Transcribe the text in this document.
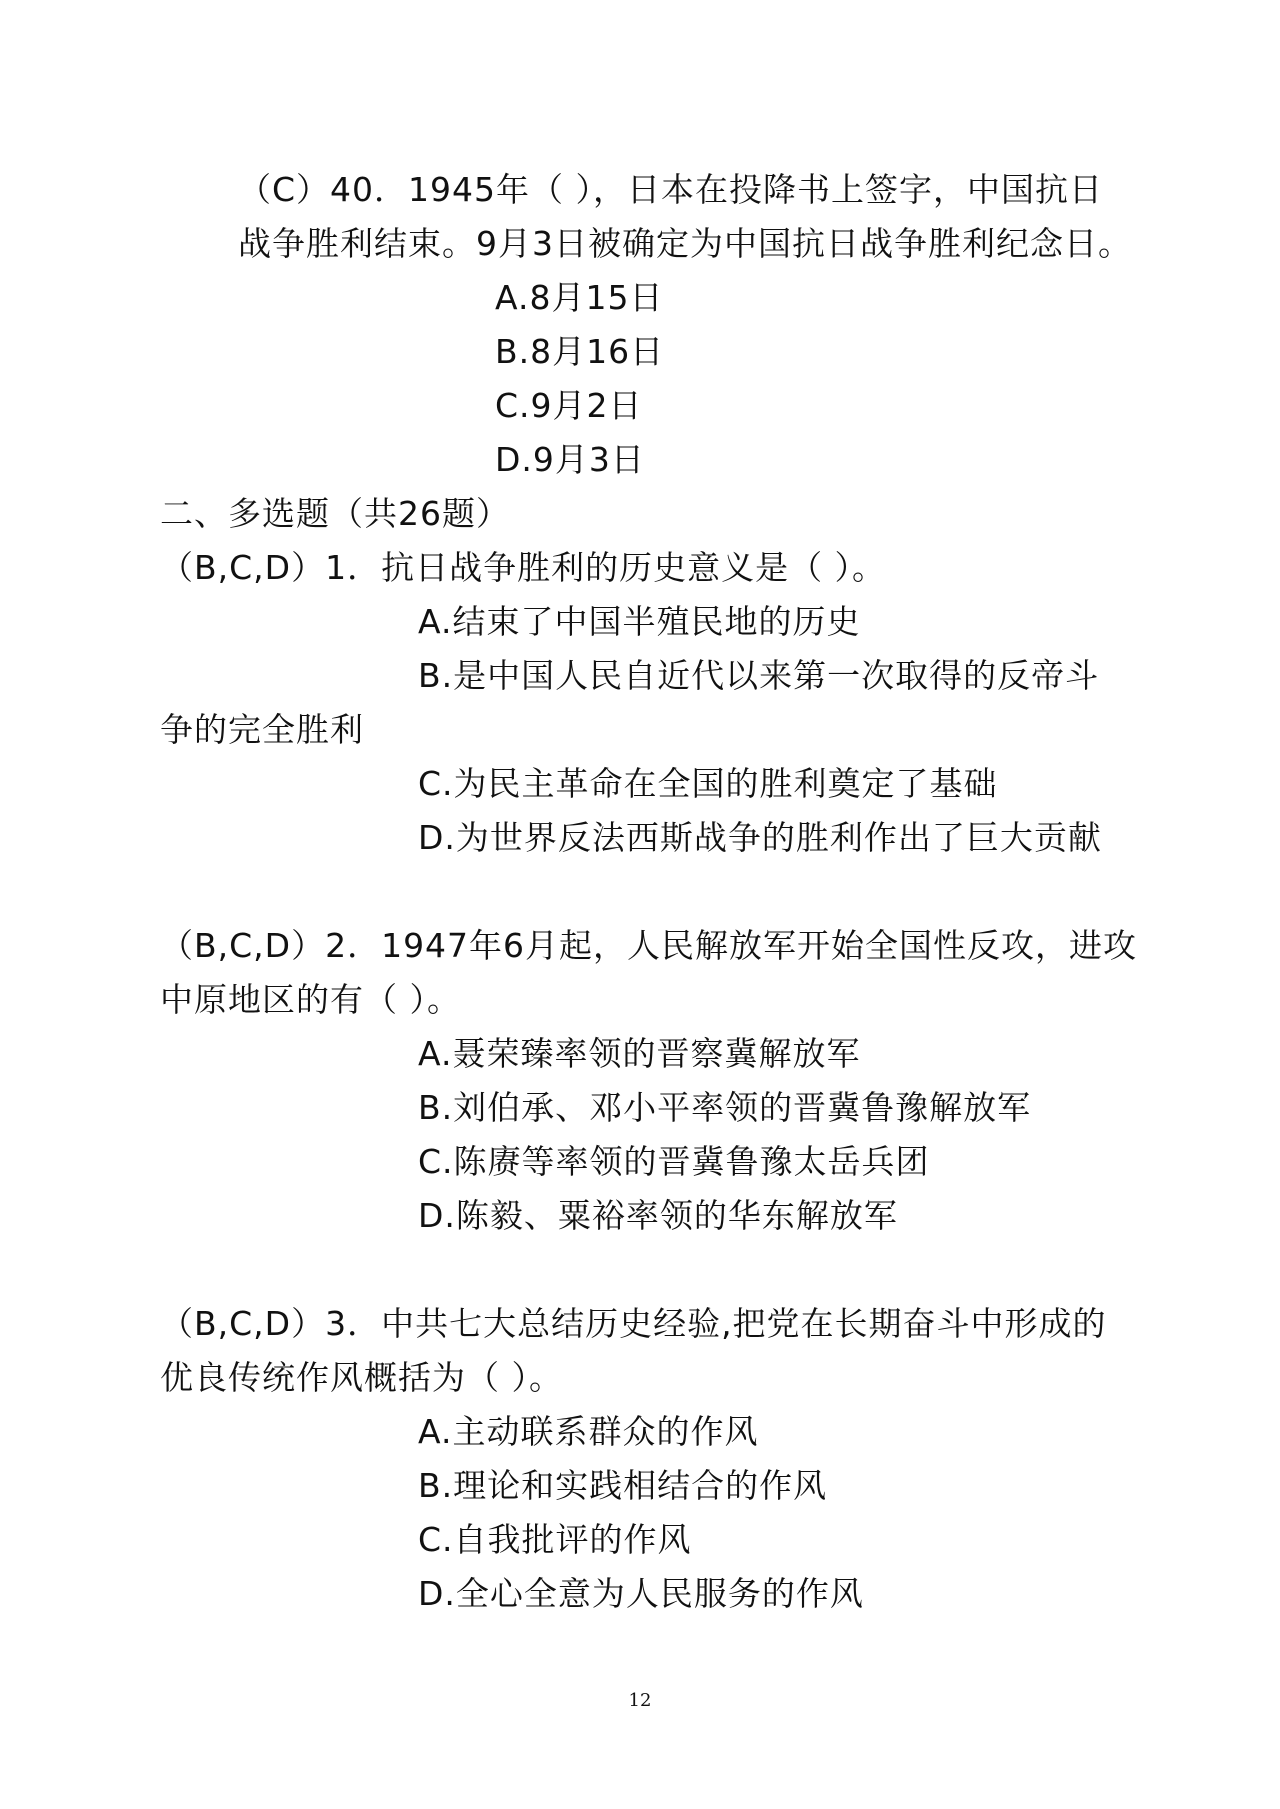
（C）40．1945年（ ），日本在投降书上签字，中国抗日
战争胜利结束。9月3日被确定为中国抗日战争胜利纪念日。
A.8月15日
B.8月16日
C.9月2日
D.9月3日
二、多选题（共26题）
（B,C,D）1．抗日战争胜利的历史意义是（ ）。
A.结束了中国半殖民地的历史
B.是中国人民自近代以来第一次取得的反帝斗
争的完全胜利
C.为民主革命在全国的胜利奠定了基础
D.为世界反法西斯战争的胜利作出了巨大贡献
（B,C,D）2．1947年6月起，人民解放军开始全国性反攻，进攻
中原地区的有（ ）。
A.聂荣臻率领的晋察冀解放军
B.刘伯承、邓小平率领的晋冀鲁豫解放军
C.陈赓等率领的晋冀鲁豫太岳兵团
D.陈毅、粟裕率领的华东解放军
（B,C,D）3．中共七大总结历史经验,把党在长期奋斗中形成的
优良传统作风概括为（ ）。
A.主动联系群众的作风
B.理论和实践相结合的作风
C.自我批评的作风
D.全心全意为人民服务的作风
12
